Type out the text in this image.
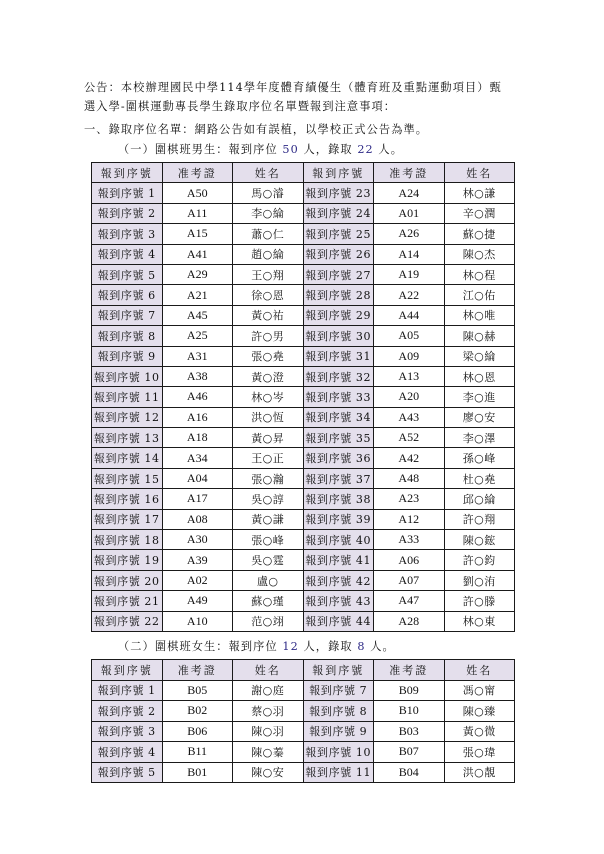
公告：本校辦理國民中學114學年度體育績優生（體育班及重點運動項目）甄
選入學-圍棋運動專長學生錄取序位名單暨報到注意事項：
一、錄取序位名單：網路公告如有誤植，以學校正式公告為準。
（一）圍棋班男生：報到序位 50 人，錄取 22 人。
報到序號	准考證	姓名	報到序號	准考證	姓名
報到序號 1	A50	馬○濬	報到序號 23	A24	林○謙
報到序號 2	A11	李○綸	報到序號 24	A01	辛○潤
報到序號 3	A15	蕭○仁	報到序號 25	A26	蘇○捷
報到序號 4	A41	趙○綸	報到序號 26	A14	陳○杰
報到序號 5	A29	王○翔	報到序號 27	A19	林○程
報到序號 6	A21	徐○恩	報到序號 28	A22	江○佑
報到序號 7	A45	黃○祐	報到序號 29	A44	林○唯
報到序號 8	A25	許○男	報到序號 30	A05	陳○赫
報到序號 9	A31	張○堯	報到序號 31	A09	梁○綸
報到序號 10	A38	黃○澄	報到序號 32	A13	林○恩
報到序號 11	A46	林○岑	報到序號 33	A20	李○進
報到序號 12	A16	洪○恆	報到序號 34	A43	廖○安
報到序號 13	A18	黃○昇	報到序號 35	A52	李○澤
報到序號 14	A34	王○正	報到序號 36	A42	孫○峰
報到序號 15	A04	張○瀚	報到序號 37	A48	杜○堯
報到序號 16	A17	吳○諄	報到序號 38	A23	邱○綸
報到序號 17	A08	黃○謙	報到序號 39	A12	許○翔
報到序號 18	A30	張○峰	報到序號 40	A33	陳○鋐
報到序號 19	A39	吳○霆	報到序號 41	A06	許○鈞
報到序號 20	A02	盧○	報到序號 42	A07	劉○洧
報到序號 21	A49	蘇○瑾	報到序號 43	A47	許○滕
報到序號 22	A10	范○翊	報到序號 44	A28	林○東
（二）圍棋班女生：報到序位 12 人，錄取 8 人。
報到序號	准考證	姓名	報到序號	准考證	姓名
報到序號 1	B05	謝○庭	報到序號 7	B09	馮○甯
報到序號 2	B02	蔡○羽	報到序號 8	B10	陳○臻
報到序號 3	B06	陳○羽	報到序號 9	B03	黃○微
報到序號 4	B11	陳○蓁	報到序號 10	B07	張○瑋
報到序號 5	B01	陳○安	報到序號 11	B04	洪○靚
